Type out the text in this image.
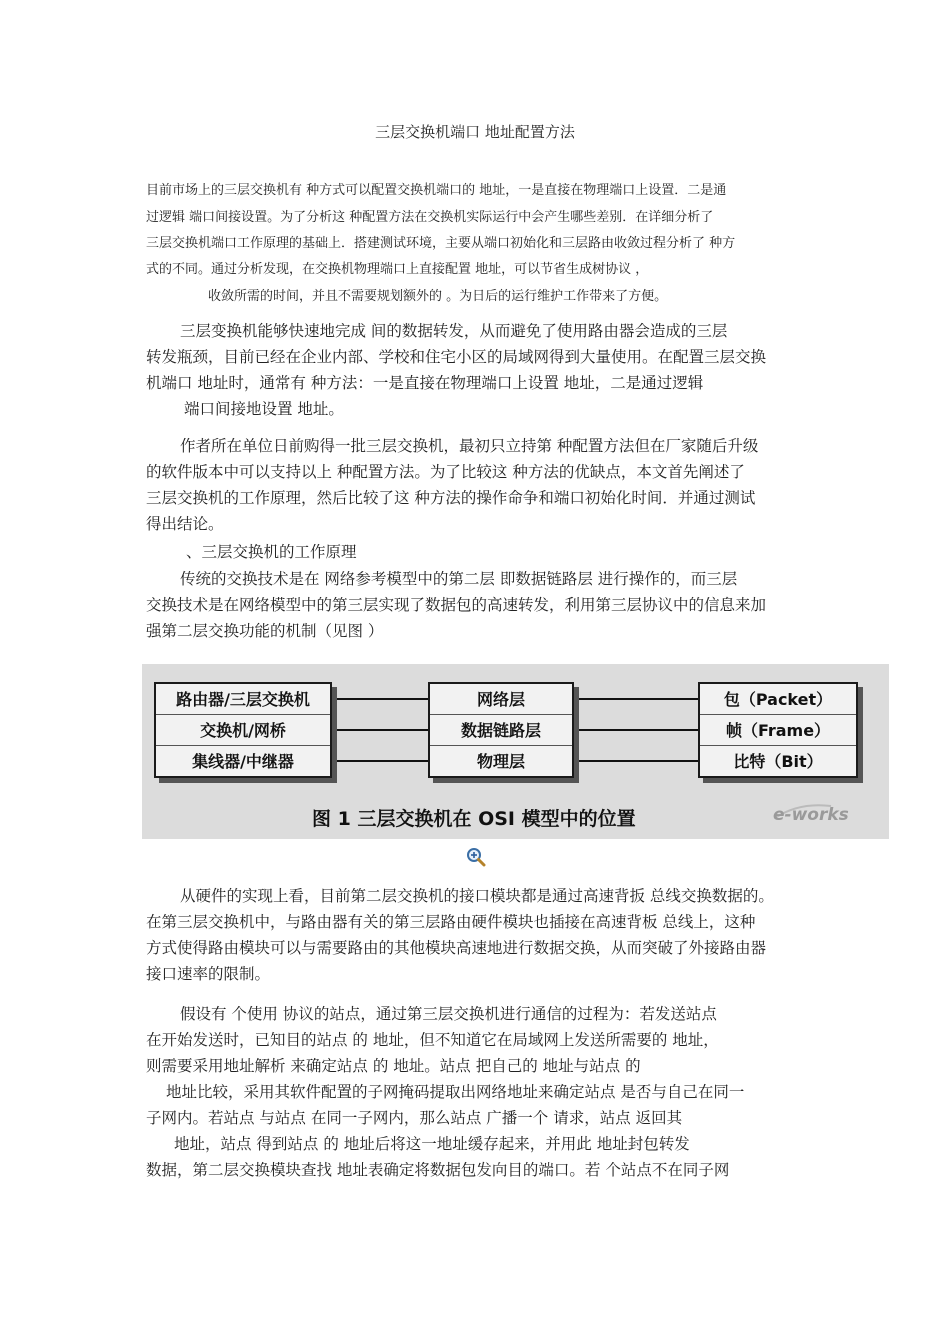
三层交换机端口 地址配置方法
目前市场上的三层交换机有 种方式可以配置交换机端口的 地址，一是直接在物理端口上设置．二是通
过逻辑 端口间接设置。为了分析这 种配置方法在交换机实际运行中会产生哪些差别．在详细分析了
三层交换机端口工作原理的基础上．搭建测试环境，主要从端口初始化和三层路由收敛过程分析了 种方
式的不同。通过分析发现，在交换机物理端口上直接配置 地址，可以节省生成树协议 ，
收敛所需的时间，并且不需要规划额外的 。为日后的运行维护工作带来了方便。
三层变换机能够快速地完成 间的数据转发，从而避免了使用路由器会造成的三层
转发瓶颈，目前已经在企业内部、学校和住宅小区的局域网得到大量使用。在配置三层交换
机端口 地址时，通常有 种方法：一是直接在物理端口上设置 地址，二是通过逻辑
端口间接地设置 地址。
作者所在单位日前购得一批三层交换机，最初只立持第 种配置方法但在厂家随后升级
的软件版本中可以支持以上 种配置方法。为了比较这 种方法的优缺点，本文首先阐述了
三层交换机的工作原理，然后比较了这 种方法的操作命争和端口初始化时间．并通过测试
得出结论。
、三层交换机的工作原理
传统的交换技术是在 网络参考模型中的第二层 即数据链路层 进行操作的，而三层
交换技术是在网络模型中的第三层实现了数据包的高速转发，利用第三层协议中的信息来加
强第二层交换功能的机制（见图 ）
路由器/三层交换机
交换机/网桥
集线器/中继器
网络层
数据链路层
物理层
包（Packet）
帧（Frame）
比特（Bit）
图 1 三层交换机在 OSI 模型中的位置	e-works
从硬件的实现上看，目前第二层交换机的接口模块都是通过高速背扳 总线交换数据的。
在第三层交换机中，与路由器有关的第三层路由硬件模块也插接在高速背板 总线上，这种
方式使得路由模块可以与需要路由的其他模块高速地进行数据交换，从而突破了外接路由器
接口速率的限制。
假设有 个使用 协议的站点，通过第三层交换机进行通信的过程为：若发送站点
在开始发送时，已知目的站点 的 地址，但不知道它在局域网上发送所需要的 地址，
则需要采用地址解析 来确定站点 的 地址。站点 把自己的 地址与站点 的
地址比较，采用其软件配置的子网掩码提取出网络地址来确定站点 是否与自己在同一
子网内。若站点 与站点 在同一子网内，那么站点 广播一个 请求，站点 返回其
地址，站点 得到站点 的 地址后将这一地址缓存起来，并用此 地址封包转发
数据，第二层交换模块查找 地址表确定将数据包发向目的端口。若 个站点不在同子网
